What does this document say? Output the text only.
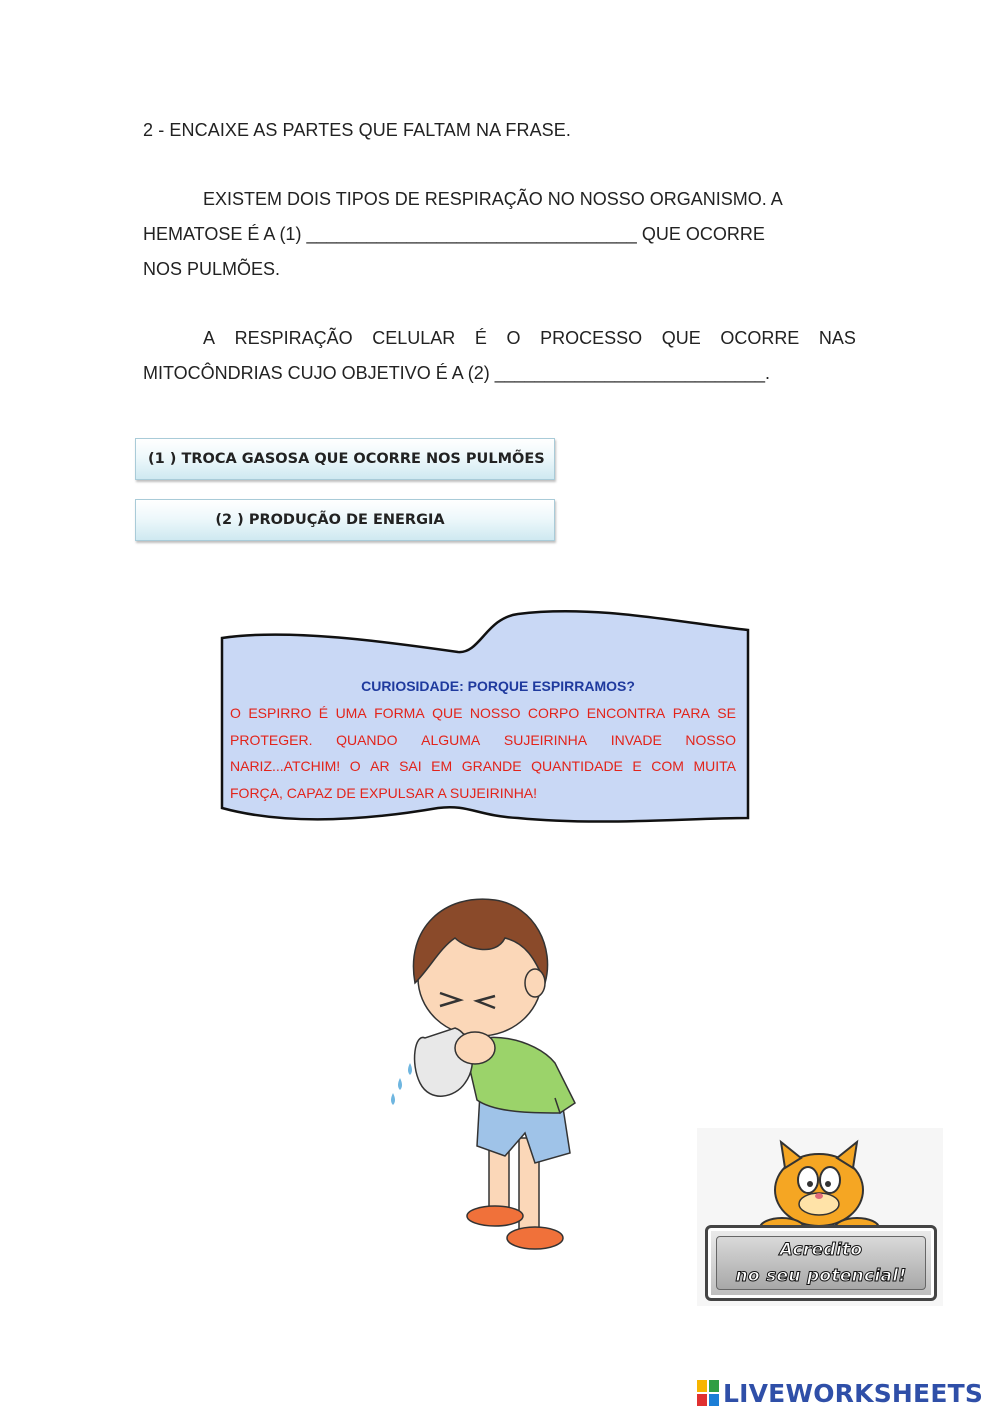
2 - ENCAIXE AS PARTES QUE FALTAM NA FRASE.
EXISTEM DOIS TIPOS DE RESPIRAÇÃO NO NOSSO ORGANISMO. A
HEMATOSE É A (1) _________________________________ QUE OCORRE
NOS PULMÕES.
A RESPIRAÇÃO CELULAR É O PROCESSO QUE OCORRE NAS
MITOCÔNDRIAS CUJO OBJETIVO É A (2) ___________________________.
(1 ) TROCA GASOSA QUE OCORRE NOS PULMÕES
(2 ) PRODUÇÃO DE ENERGIA
CURIOSIDADE: PORQUE ESPIRRAMOS?
O ESPIRRO É UMA FORMA QUE NOSSO CORPO ENCONTRA PARA SE
PROTEGER. QUANDO ALGUMA SUJEIRINHA INVADE NOSSO
NARIZ...ATCHIM! O AR SAI EM GRANDE QUANTIDADE E COM MUITA
FORÇA, CAPAZ DE EXPULSAR A SUJEIRINHA!
Acredito
no seu potencial!
LIVEWORKSHEETS
